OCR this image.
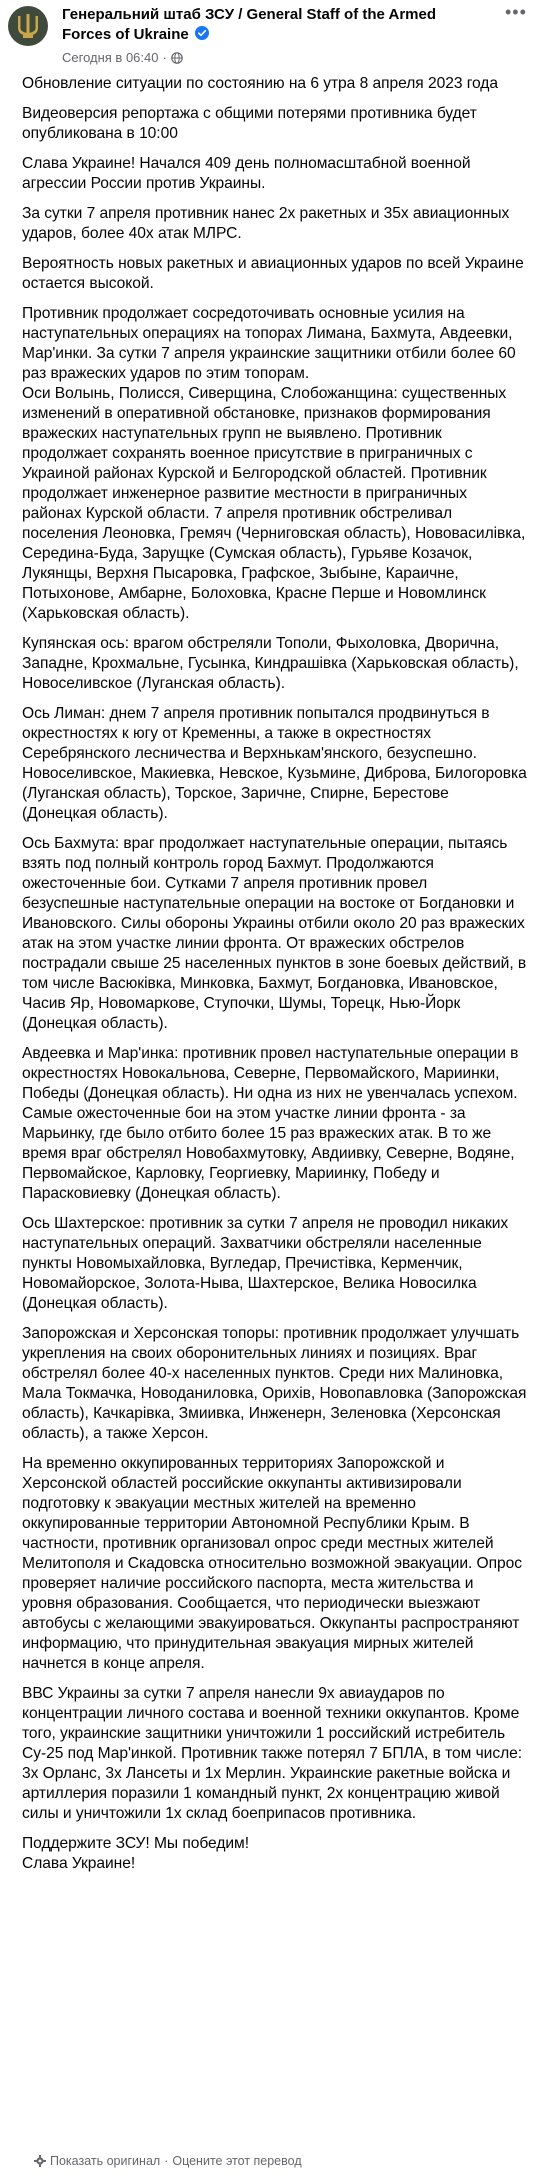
Генеральний штаб ЗСУ / General Staff of the Armed Forces of Ukraine
Сегодня в 06:40 ·
•••

Обновление ситуации по состоянию на 6 утра 8 апреля 2023 года

Видеоверсия репортажа с общими потерями противника будет опубликована в 10:00

Слава Украине! Начался 409 день полномасштабной военной агрессии России против Украины.

За сутки 7 апреля противник нанес 2х ракетных и 35х авиационных ударов, более 40х атак МЛРС.

Вероятность новых ракетных и авиационных ударов по всей Украине остается высокой.

Противник продолжает сосредоточивать основные усилия на наступательных операциях на топорах Лимана, Бахмута, Авдеевки, Мар'инки. За сутки 7 апреля украинские защитники отбили более 60 раз вражеских ударов по этим топорам.

Оси Волынь, Полисся, Сиверщина, Слобожанщина: существенных изменений в оперативной обстановке, признаков формирования вражеских наступательных групп не выявлено. Противник продолжает сохранять военное присутствие в приграничных с Украиной районах Курской и Белгородской областей. Противник продолжает инженерное развитие местности в приграничных районах Курской области. 7 апреля противник обстреливал поселения Леоновка, Гремяч (Черниговская область), Нововасилівка, Середина-Буда, Зарущке (Сумская область), Гурьяве Козачок, Лукянщы, Верхня Пысаровка, Графское, Зыбыне, Караичне, Потыхоновe, Амбарне, Болоховка, Красне Перше и Новомлинск (Харьковская область).

Купянская ось: врагом обстреляли Тополи, Фыхоловка, Дворична, Западне, Крохмальне, Гусынка, Киндрашівка (Харьковская область), Новоселивское (Луганская область).

Ось Лиман: днем 7 апреля противник попытался продвинуться в окрестностях к югу от Кременны, а также в окрестностях Серебрянского лесничества и Верхнькам'янского, безуспешно. Новоселивское, Макиевка, Невское, Кузьмине, Диброва, Билогоровка (Луганская область), Торское, Заричне, Спирне, Берестове (Донецкая область).

Ось Бахмута: враг продолжает наступательные операции, пытаясь взять под полный контроль город Бахмут. Продолжаются ожесточенные бои. Сутками 7 апреля противник провел безуспешные наступательные операции на востоке от Богдановки и Ивановского. Силы обороны Украины отбили около 20 раз вражеских атак на этом участке линии фронта. От вражеских обстрелов пострадали свыше 25 населенных пунктов в зоне боевых действий, в том числе Васюківка, Минковка, Бахмут, Богдановка, Ивановское, Часив Яр, Новомаркове, Ступочки, Шумы, Торецк, Нью-Йорк (Донецкая область).

Авдеевка и Мар'инка: противник провел наступательные операции в окрестностях Новокальнова, Северне, Первомайского, Мариинки, Победы (Донецкая область). Ни одна из них не увенчалась успехом. Самые ожесточенные бои на этом участке линии фронта - за Марьинку, где было отбито более 15 раз вражеских атак. В то же время враг обстрелял Новобахмутовку, Авдиивку, Северне, Водяне, Первомайское, Карловку, Георгиевку, Мариинку, Победу и Парасковиевку (Донецкая область).

Ось Шахтерское: противник за сутки 7 апреля не проводил никаких наступательных операций. Захватчики обстреляли населенные пункты Новомыхайловка, Вугледар, Пречистівка, Керменчик, Новомайорское, Золота-Ныва, Шахтерское, Велика Новосилка (Донецкая область).

Запорожская и Херсонская топоры: противник продолжает улучшать укрепления на своих оборонительных линиях и позициях. Враг обстрелял более 40-х населенных пунктов. Среди них Малиновка, Мала Токмачка, Новоданиловка, Орихів, Новопавловка (Запорожская область), Качкарівка, Змиивка, Инженерн, Зеленовка (Херсонская область), а также Херсон.

На временно оккупированных территориях Запорожской и Херсонской областей российские оккупанты активизировали подготовку к эвакуации местных жителей на временно оккупированные территории Автономной Республики Крым. В частности, противник организовал опрос среди местных жителей Мелитополя и Скадовска относительно возможной эвакуации. Опрос проверяет наличие российского паспорта, места жительства и уровня образования. Сообщается, что периодически выезжают автобусы с желающими эвакуироваться. Оккупанты распространяют информацию, что принудительная эвакуация мирных жителей начнется в конце апреля.

ВВС Украины за сутки 7 апреля нанесли 9х авиаударов по концентрации личного состава и военной техники оккупантов. Кроме того, украинские защитники уничтожили 1 российский истребитель Су-25 под Мар'инкой. Противник также потерял 7 БПЛА, в том числе: 3х Орланс, 3х Лансеты и 1х Мерлин. Украинские ракетные войска и артиллерия поразили 1 командный пункт, 2х концентрацию живой силы и уничтожили 1х склад боеприпасов противника.

Поддержите ЗСУ! Мы победим!

Слава Украине!

Показать оригинал · Оцените этот перевод
